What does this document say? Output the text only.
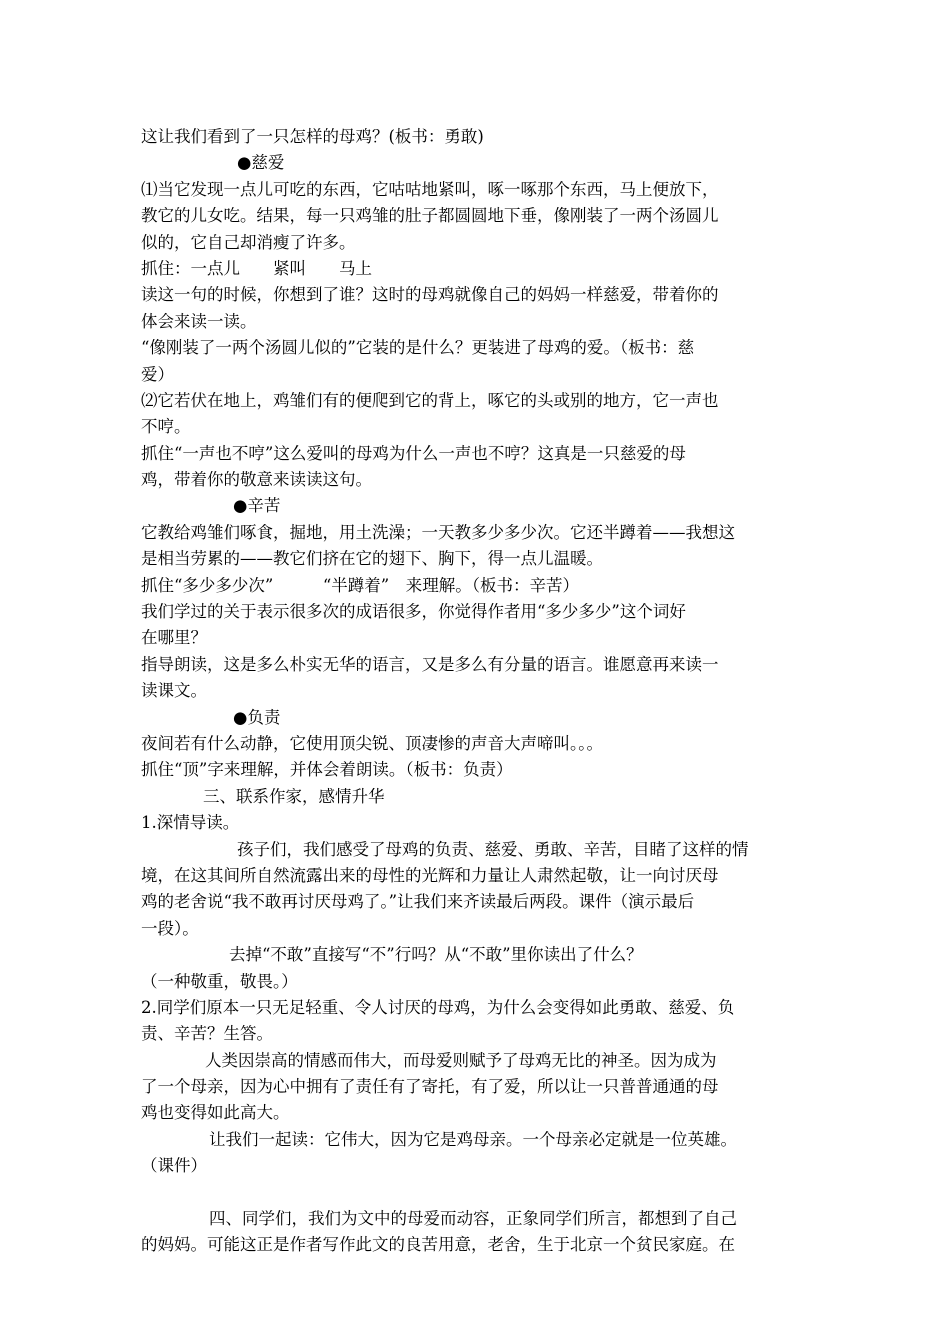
这让我们看到了一只怎样的母鸡？(板书：勇敢)
●慈爱
⑴当它发现一点儿可吃的东西，它咕咕地紧叫，啄一啄那个东西，马上便放下，
教它的儿女吃。结果，每一只鸡雏的肚子都圆圆地下垂，像刚装了一两个汤圆儿
似的，它自己却消瘦了许多。
抓住：一点儿　　紧叫　　马上
读这一句的时候，你想到了谁？这时的母鸡就像自己的妈妈一样慈爱，带着你的
体会来读一读。
“像刚装了一两个汤圆儿似的”它装的是什么？更装进了母鸡的爱。（板书：慈
爱）
⑵它若伏在地上，鸡雏们有的便爬到它的背上，啄它的头或别的地方，它一声也
不哼。
抓住“一声也不哼”这么爱叫的母鸡为什么一声也不哼？这真是一只慈爱的母
鸡，带着你的敬意来读读这句。
●辛苦
它教给鸡雏们啄食，掘地，用土洗澡；一天教多少多少次。它还半蹲着——我想这
是相当劳累的——教它们挤在它的翅下、胸下，得一点儿温暖。
抓住“多少多少次”　　　“半蹲着”　来理解。（板书：辛苦）
我们学过的关于表示很多次的成语很多，你觉得作者用“多少多少”这个词好
在哪里？
指导朗读，这是多么朴实无华的语言，又是多么有分量的语言。谁愿意再来读一
读课文。
●负责
夜间若有什么动静，它使用顶尖锐、顶凄惨的声音大声啼叫。。。
抓住“顶”字来理解，并体会着朗读。（板书：负责）
三、联系作家，感情升华
1.深情导读。
孩子们，我们感受了母鸡的负责、慈爱、勇敢、辛苦，目睹了这样的情
境，在这其间所自然流露出来的母性的光辉和力量让人肃然起敬，让一向讨厌母
鸡的老舍说“我不敢再讨厌母鸡了。”让我们来齐读最后两段。课件（演示最后
一段）。
去掉“不敢”直接写“不”行吗？从“不敢”里你读出了什么？
（一种敬重，敬畏。）
2.同学们原本一只无足轻重、令人讨厌的母鸡，为什么会变得如此勇敢、慈爱、负
责、辛苦？生答。
人类因崇高的情感而伟大，而母爱则赋予了母鸡无比的神圣。因为成为
了一个母亲，因为心中拥有了责任有了寄托，有了爱，所以让一只普普通通的母
鸡也变得如此高大。
让我们一起读：它伟大，因为它是鸡母亲。一个母亲必定就是一位英雄。
（课件）
四、同学们，我们为文中的母爱而动容，正象同学们所言，都想到了自己
的妈妈。可能这正是作者写作此文的良苦用意，老舍，生于北京一个贫民家庭。在
